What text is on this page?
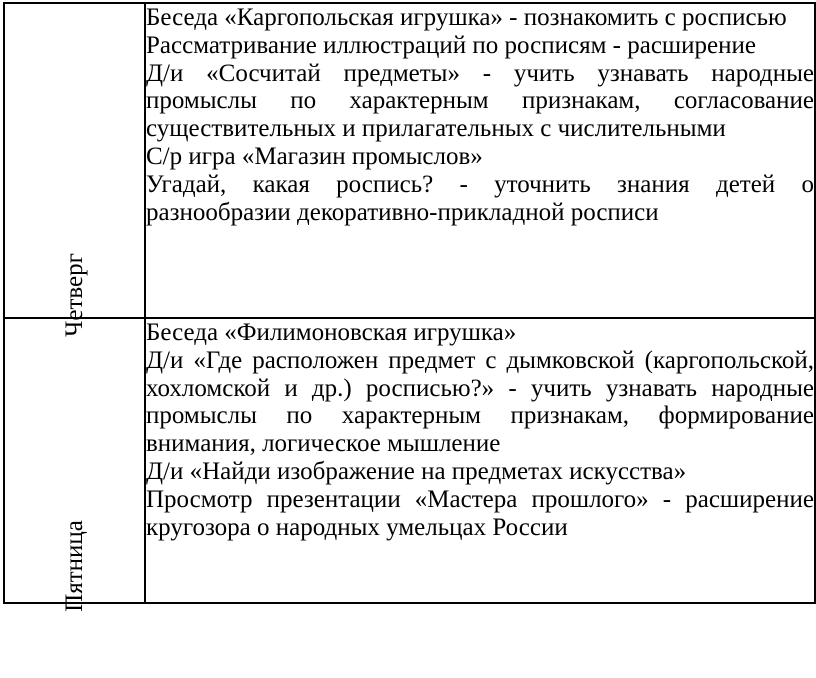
Четверг	Беседа «Каргопольская игрушка» - познакомить с росписью

Рассматривание иллюстраций по росписям - расширение

Д/и «Сосчитай предметы» - учить узнавать народные промыслы по характерным признакам, согласование существительных и прилагательных с числительными

С/р игра «Магазин промыслов»

Угадай, какая роспись? - уточнить знания детей о разнообразии декоративно-прикладной росписи

Пятница	Беседа «Филимоновская игрушка»

Д/и «Где расположен предмет с дымковской (каргопольской, хохломской и др.) росписью?» - учить узнавать народные промыслы по характерным признакам, формирование внимания, логическое мышление

Д/и «Найди изображение на предметах искусства»

Просмотр презентации «Мастера прошлого» - расширение кругозора о народных умельцах России
